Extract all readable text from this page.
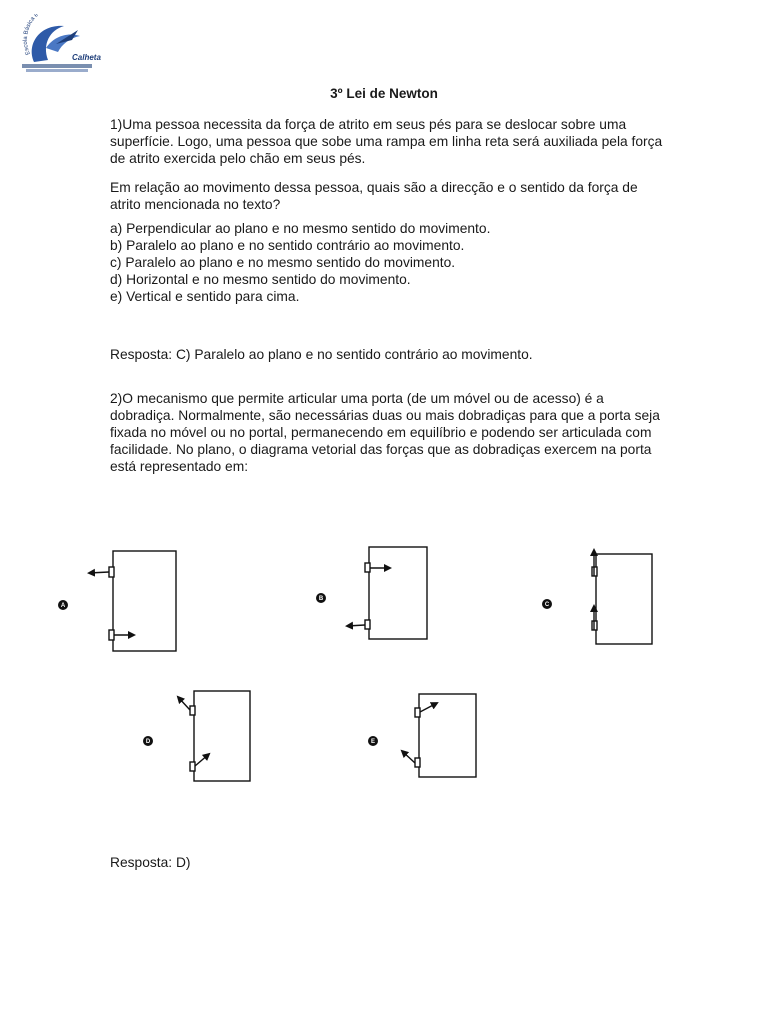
Escola Básica e
Calheta
3º Lei de Newton

1)Uma pessoa necessita da força de atrito em seus pés para se deslocar sobre uma superfície. Logo, uma pessoa que sobe uma rampa em linha reta será auxiliada pela força de atrito exercida pelo chão em seus pés.

Em relação ao movimento dessa pessoa, quais são a direcção e o sentido da força de atrito mencionada no texto?

a) Perpendicular ao plano e no mesmo sentido do movimento.
b) Paralelo ao plano e no sentido contrário ao movimento.
c) Paralelo ao plano e no mesmo sentido do movimento.
d) Horizontal e no mesmo sentido do movimento.
e) Vertical e sentido para cima.

Resposta: C) Paralelo ao plano e no sentido contrário ao movimento.

2)O mecanismo que permite articular uma porta (de um móvel ou de acesso) é a dobradiça. Normalmente, são necessárias duas ou mais dobradiças para que a porta seja fixada no móvel ou no portal, permanecendo em equilíbrio e podendo ser articulada com facilidade. No plano, o diagrama vetorial das forças que as dobradiças exercem na porta está representado em:

A
B
C
D	E

Resposta: D)
